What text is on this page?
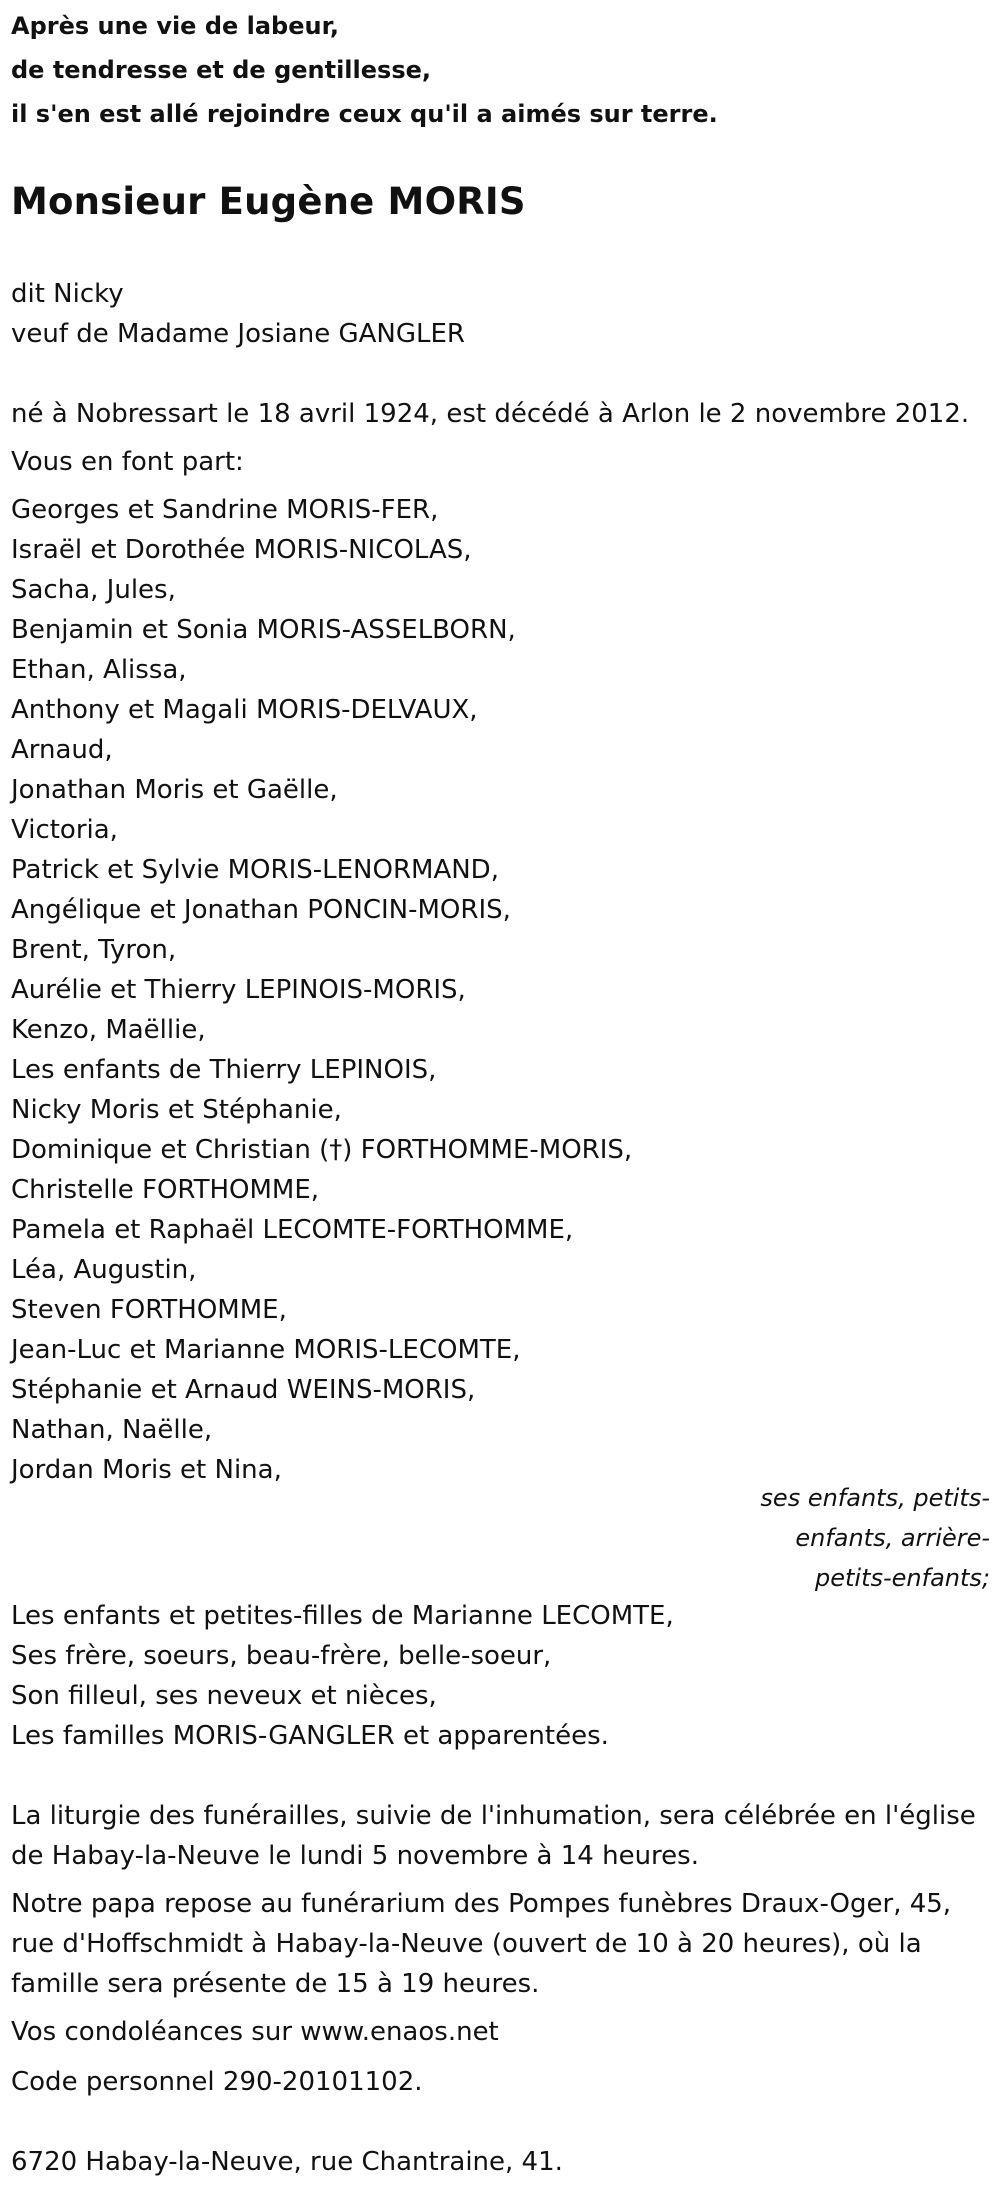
Après une vie de labeur,
de tendresse et de gentillesse,
il s'en est allé rejoindre ceux qu'il a aimés sur terre.
Monsieur Eugène MORIS
dit Nicky
veuf de Madame Josiane GANGLER
né à Nobressart le 18 avril 1924, est décédé à Arlon le 2 novembre 2012.
Vous en font part:
Georges et Sandrine MORIS-FER,
Israël et Dorothée MORIS-NICOLAS,
Sacha, Jules,
Benjamin et Sonia MORIS-ASSELBORN,
Ethan, Alissa,
Anthony et Magali MORIS-DELVAUX,
Arnaud,
Jonathan Moris et Gaëlle,
Victoria,
Patrick et Sylvie MORIS-LENORMAND,
Angélique et Jonathan PONCIN-MORIS,
Brent, Tyron,
Aurélie et Thierry LEPINOIS-MORIS,
Kenzo, Maëllie,
Les enfants de Thierry LEPINOIS,
Nicky Moris et Stéphanie,
Dominique et Christian (†) FORTHOMME-MORIS,
Christelle FORTHOMME,
Pamela et Raphaël LECOMTE-FORTHOMME,
Léa, Augustin,
Steven FORTHOMME,
Jean-Luc et Marianne MORIS-LECOMTE,
Stéphanie et Arnaud WEINS-MORIS,
Nathan, Naëlle,
Jordan Moris et Nina,
ses enfants, petits-
enfants, arrière-
petits-enfants;
Les enfants et petites-filles de Marianne LECOMTE,
Ses frère, soeurs, beau-frère, belle-soeur,
Son filleul, ses neveux et nièces,
Les familles MORIS-GANGLER et apparentées.
La liturgie des funérailles, suivie de l'inhumation, sera célébrée en l'église de Habay-la-Neuve le lundi 5 novembre à 14 heures.
Notre papa repose au funérarium des Pompes funèbres Draux-Oger, 45, rue d'Hoffschmidt à Habay-la-Neuve (ouvert de 10 à 20 heures), où la famille sera présente de 15 à 19 heures.
Vos condoléances sur www.enaos.net
Code personnel 290-20101102.
6720 Habay-la-Neuve, rue Chantraine, 41.
